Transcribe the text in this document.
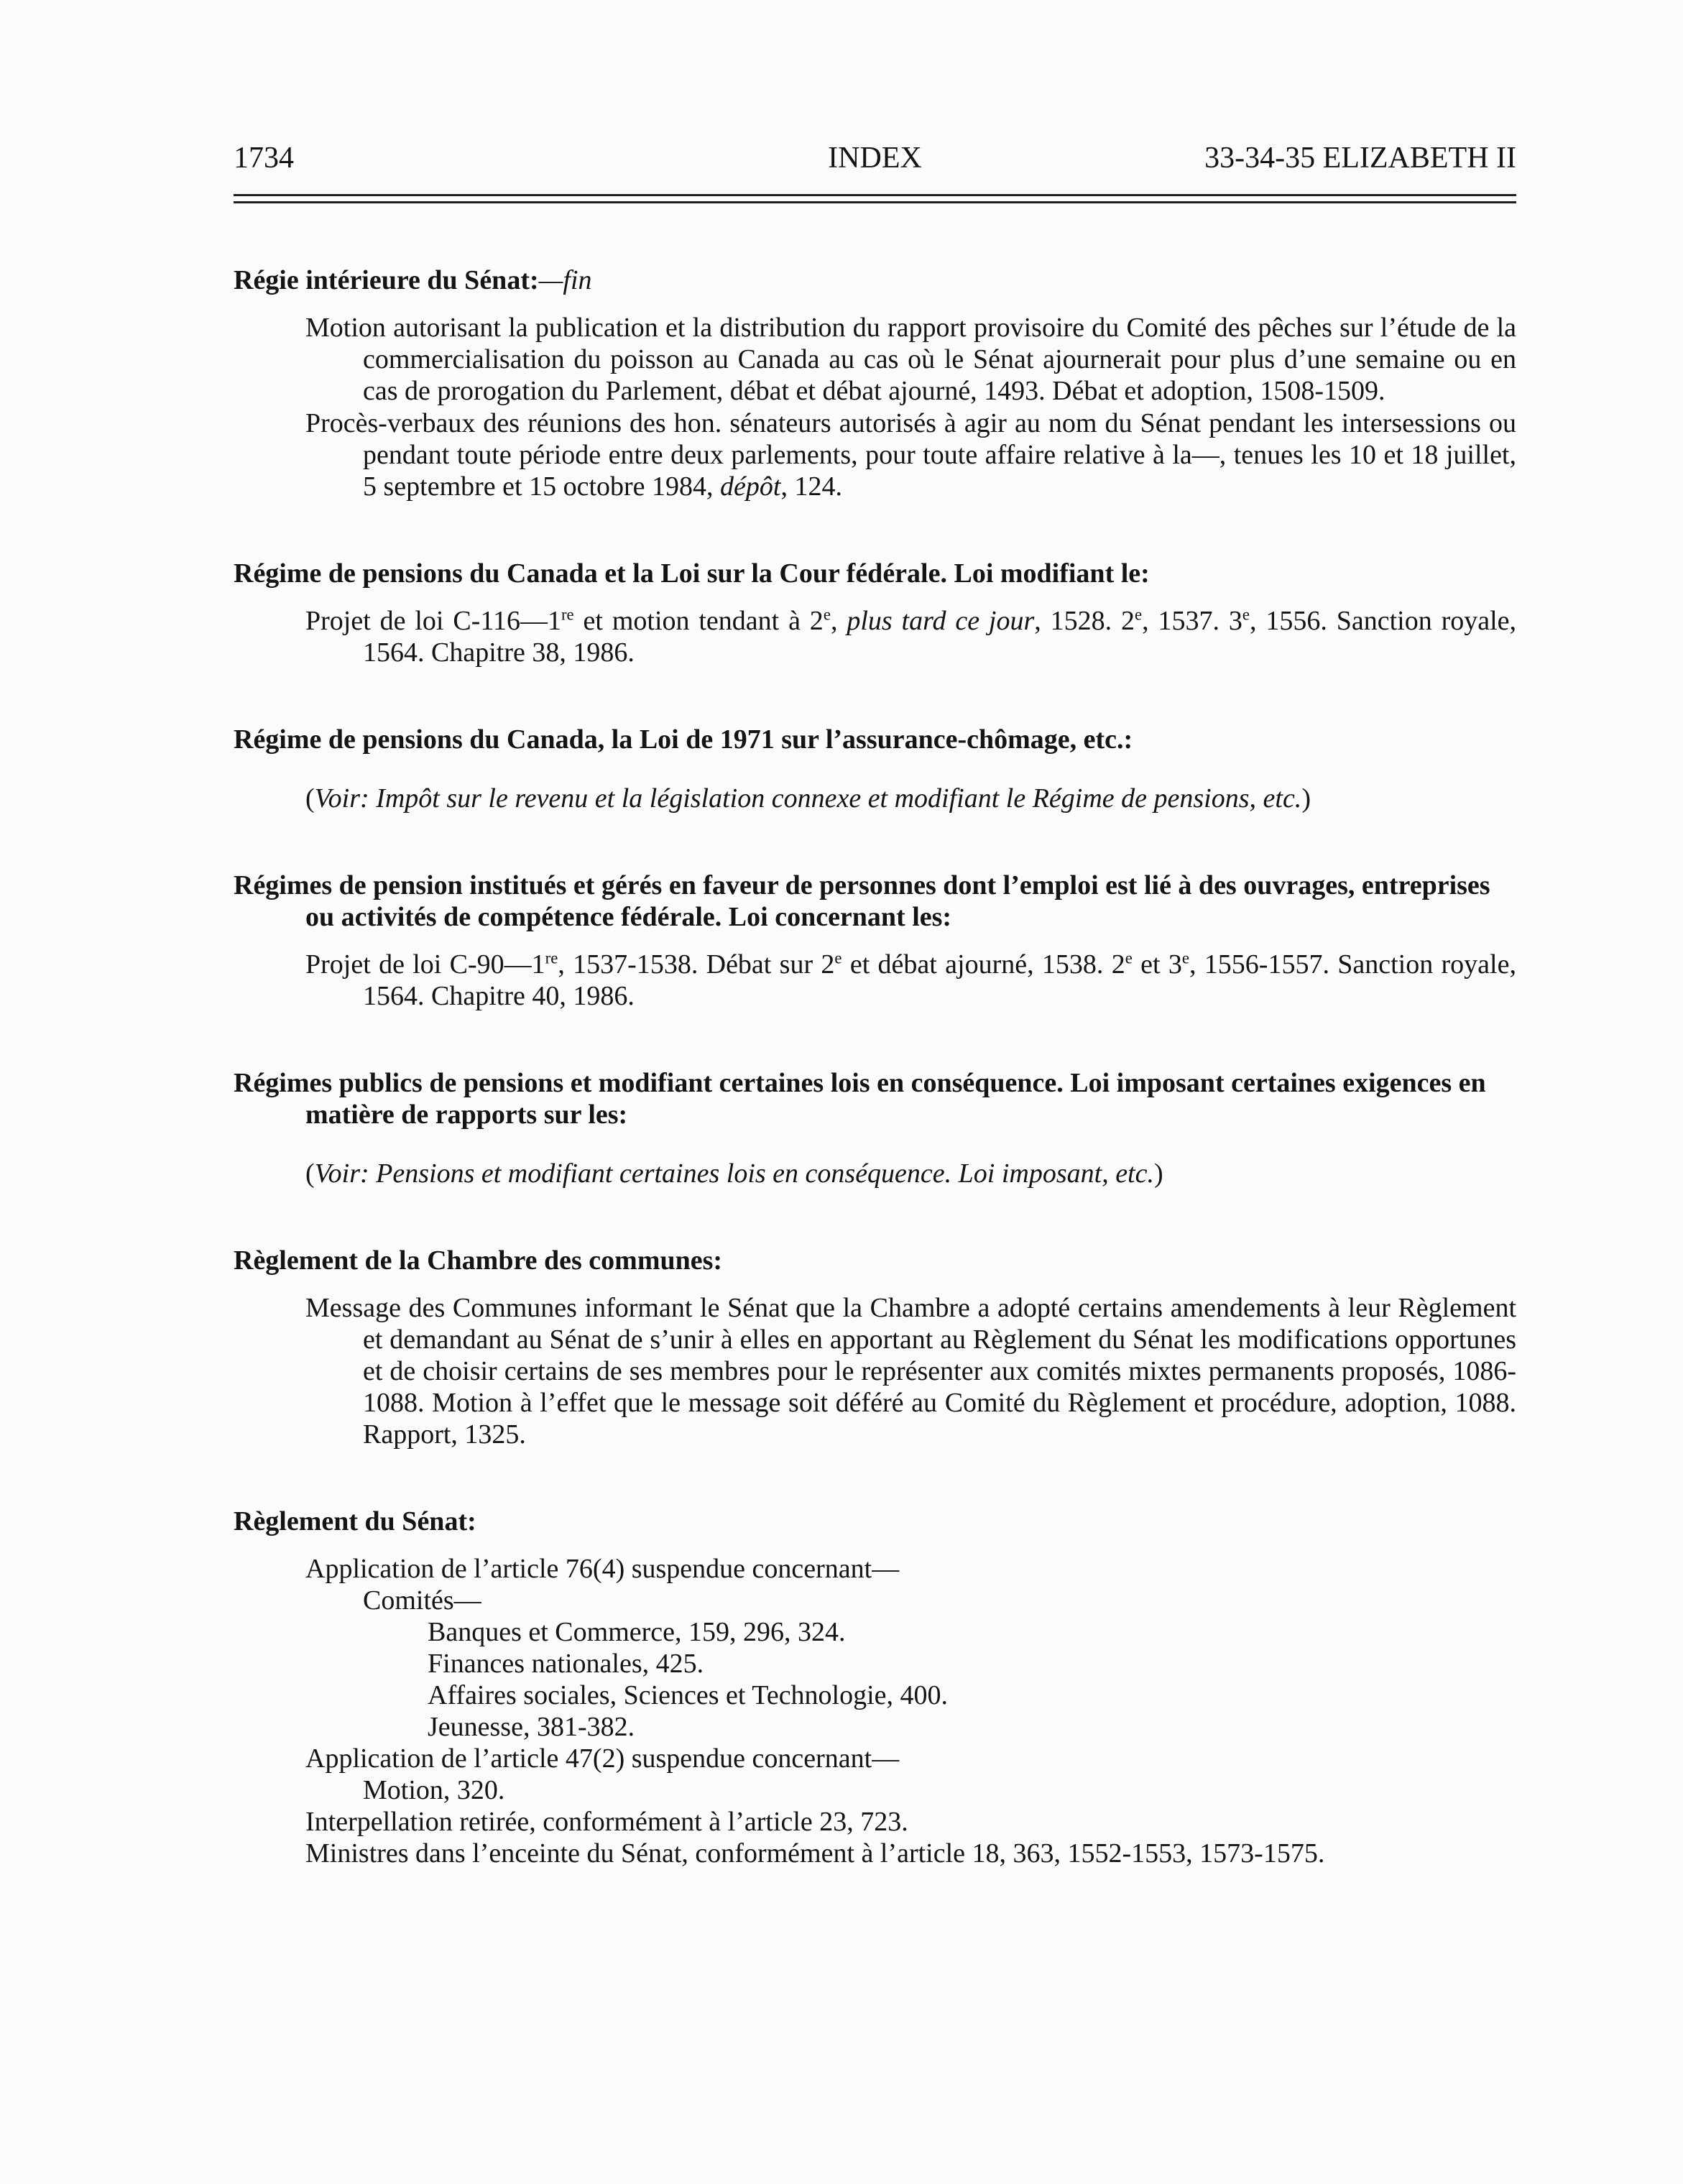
1734	INDEX	33-34-35 ELIZABETH II

Régie intérieure du Sénat:—fin

Motion autorisant la publication et la distribution du rapport provisoire du Comité des pêches sur l’étude de la commercialisation du poisson au Canada au cas où le Sénat ajournerait pour plus d’une semaine ou en cas de prorogation du Parlement, débat et débat ajourné, 1493. Débat et adoption, 1508-1509.

Procès-verbaux des réunions des hon. sénateurs autorisés à agir au nom du Sénat pendant les intersessions ou pendant toute période entre deux parlements, pour toute affaire relative à la—, tenues les 10 et 18 juillet, 5 septembre et 15 octobre 1984, dépôt, 124.

Régime de pensions du Canada et la Loi sur la Cour fédérale. Loi modifiant le:

Projet de loi C-116—1re et motion tendant à 2e, plus tard ce jour, 1528. 2e, 1537. 3e, 1556. Sanction royale, 1564. Chapitre 38, 1986.

Régime de pensions du Canada, la Loi de 1971 sur l’assurance-chômage, etc.:

(Voir: Impôt sur le revenu et la législation connexe et modifiant le Régime de pensions, etc.)

Régimes de pension institués et gérés en faveur de personnes dont l’emploi est lié à des ouvrages, entreprises ou activités de compétence fédérale. Loi concernant les:

Projet de loi C-90—1re, 1537-1538. Débat sur 2e et débat ajourné, 1538. 2e et 3e, 1556-1557. Sanction royale, 1564. Chapitre 40, 1986.

Régimes publics de pensions et modifiant certaines lois en conséquence. Loi imposant certaines exigences en matière de rapports sur les:

(Voir: Pensions et modifiant certaines lois en conséquence. Loi imposant, etc.)

Règlement de la Chambre des communes:

Message des Communes informant le Sénat que la Chambre a adopté certains amendements à leur Règlement et demandant au Sénat de s’unir à elles en apportant au Règlement du Sénat les modifications opportunes et de choisir certains de ses membres pour le représenter aux comités mixtes permanents proposés, 1086-1088. Motion à l’effet que le message soit déféré au Comité du Règlement et procédure, adoption, 1088. Rapport, 1325.

Règlement du Sénat:

Application de l’article 76(4) suspendue concernant—

Comités—

Banques et Commerce, 159, 296, 324.

Finances nationales, 425.

Affaires sociales, Sciences et Technologie, 400.

Jeunesse, 381-382.

Application de l’article 47(2) suspendue concernant—

Motion, 320.

Interpellation retirée, conformément à l’article 23, 723.

Ministres dans l’enceinte du Sénat, conformément à l’article 18, 363, 1552-1553, 1573-1575.
